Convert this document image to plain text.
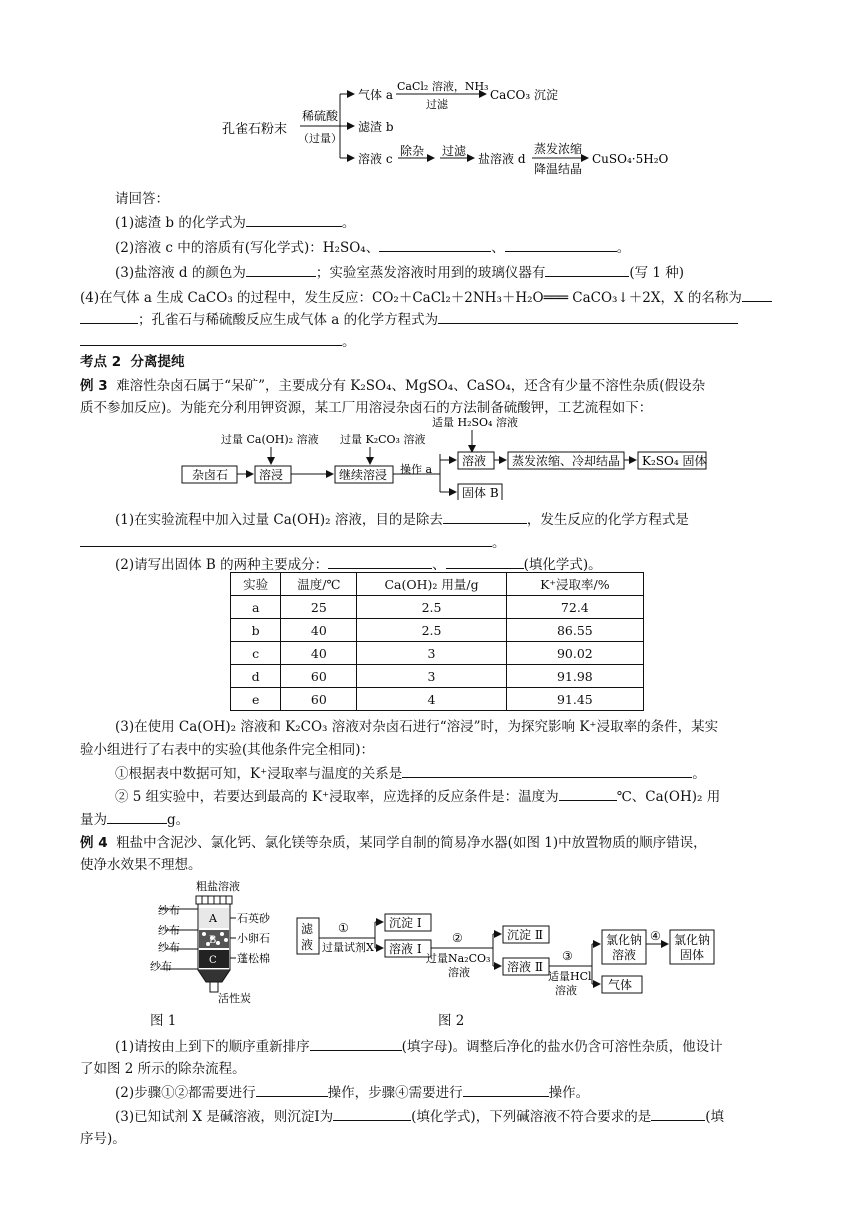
孔雀石粉末
稀硫酸
（过量）
气体 a
CaCl₂ 溶液，NH₃
过滤
CaCO₃ 沉淀
滤渣 b
溶液 c
除杂 过滤
盐溶液 d
蒸发浓缩
降温结晶
CuSO₄·5H₂O
请回答：
(1)滤渣 b 的化学式为	。
(2)溶液 c 中的溶质有(写化学式)：H₂SO₄、	、	。
(3)盐溶液 d 的颜色为	；实验室蒸发溶液时用到的玻璃仪器有	(写 1 种)
(4)在气体 a 生成 CaCO₃ 的过程中，发生反应：CO₂＋CaCl₂＋2NH₃＋H₂O═══ CaCO₃↓＋2X，X 的名称为
；孔雀石与稀硫酸反应生成气体 a 的化学方程式为
。
考点 2 分离提纯
例 3 难溶性杂卤石属于“呆矿”，主要成分有 K₂SO₄、MgSO₄、CaSO₄，还含有少量不溶性杂质(假设杂
质不参加反应)。为能充分利用钾资源，某工厂用溶浸杂卤石的方法制备硫酸钾，工艺流程如下：
过量 Ca(OH)₂ 溶液 过量 K₂CO₃ 溶液
适量 H₂SO₄ 溶液
杂卤石	溶浸	继续溶浸 操作 a
溶液 蒸发浓缩、冷却结晶 K₂SO₄ 固体
固体 B
(1)在实验流程中加入过量 Ca(OH)₂ 溶液，目的是除去	，发生反应的化学方程式是
。
(2)请写出固体 B 的两种主要成分：	、	(填化学式)。
实验	温度/℃	Ca(OH)₂ 用量/g	K⁺浸取率/%
a	25	2.5	72.4
b	40	2.5	86.55
c	40	3	90.02
d	60	3	91.98
e	60	4	91.45
(3)在使用 Ca(OH)₂ 溶液和 K₂CO₃ 溶液对杂卤石进行“溶浸”时，为探究影响 K⁺浸取率的条件，某实
验小组进行了右表中的实验(其他条件完全相同)：
①根据表中数据可知，K⁺浸取率与温度的关系是	。
② 5 组实验中，若要达到最高的 K⁺浸取率，应选择的反应条件是：温度为	℃、Ca(OH)₂ 用
量为	g。
例 4 粗盐中含泥沙、氯化钙、氯化镁等杂质，某同学自制的简易净水器(如图 1)中放置物质的顺序错误，
使净水效果不理想。
粗盐溶液
A
B
C
纱布
纱布
纱布
纱布
石英砂
小卵石
蓬松棉
活性炭
图 1
滤
液
①
过量试剂X
沉淀 Ⅰ
溶液 Ⅰ
②
过量Na₂CO₃
溶液
沉淀 Ⅱ
溶液 Ⅱ
③
适量HCl
溶液
氯化钠
溶液
气体
④ 氯化钠
固体
图 2
(1)请按由上到下的顺序重新排序	(填字母)。调整后净化的盐水仍含可溶性杂质，他设计
了如图 2 所示的除杂流程。
(2)步骤①②都需要进行	操作，步骤④需要进行	操作。
(3)已知试剂 X 是碱溶液，则沉淀Ⅰ为	(填化学式)，下列碱溶液不符合要求的是	(填
序号)。
